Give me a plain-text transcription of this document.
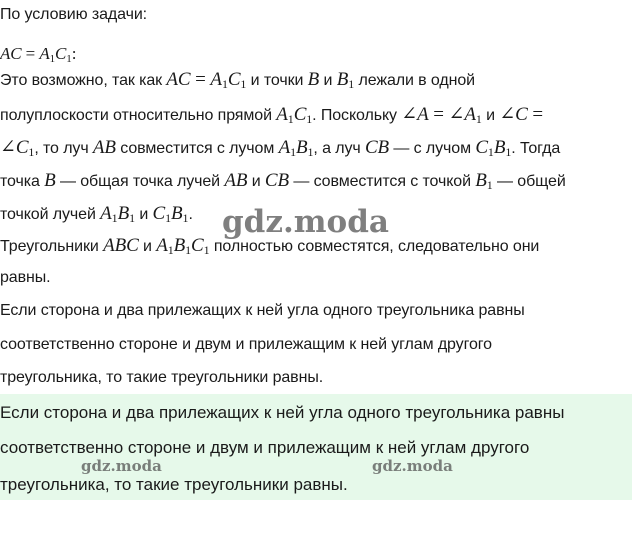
По условию задачи:
AC = $A_1C_1$:
Это возможно, так как AC = $A_1C_1$ и точки B и $B_1$ лежали в одной
полуплоскости относительно прямой $A_1C_1$. Поскольку ∠A = $\angle A_1$ и ∠C =
$\angle C_1$, то луч AB совместится с лучом $A_1B_1$, а луч CB — с лучом $C_1B_1$. Тогда
точка B — общая точка лучей AB и CB — совместится с точкой $B_1$ — общей
точкой лучей $A_1B_1$ и $C_1B_1$.
Треугольники ABC и $A_1B_1C_1$ полностью совместятся, следовательно они
равны.
Если сторона и два прилежащих к ней угла одного треугольника равны
соответственно стороне и двум и прилежащим к ней углам другого
треугольника, то такие треугольники равны.
Если сторона и два прилежащих к ней угла одного треугольника равны
соответственно стороне и двум и прилежащим к ней углам другого
треугольника, то такие треугольники равны.
gdz.moda
gdz.moda	gdz.moda
